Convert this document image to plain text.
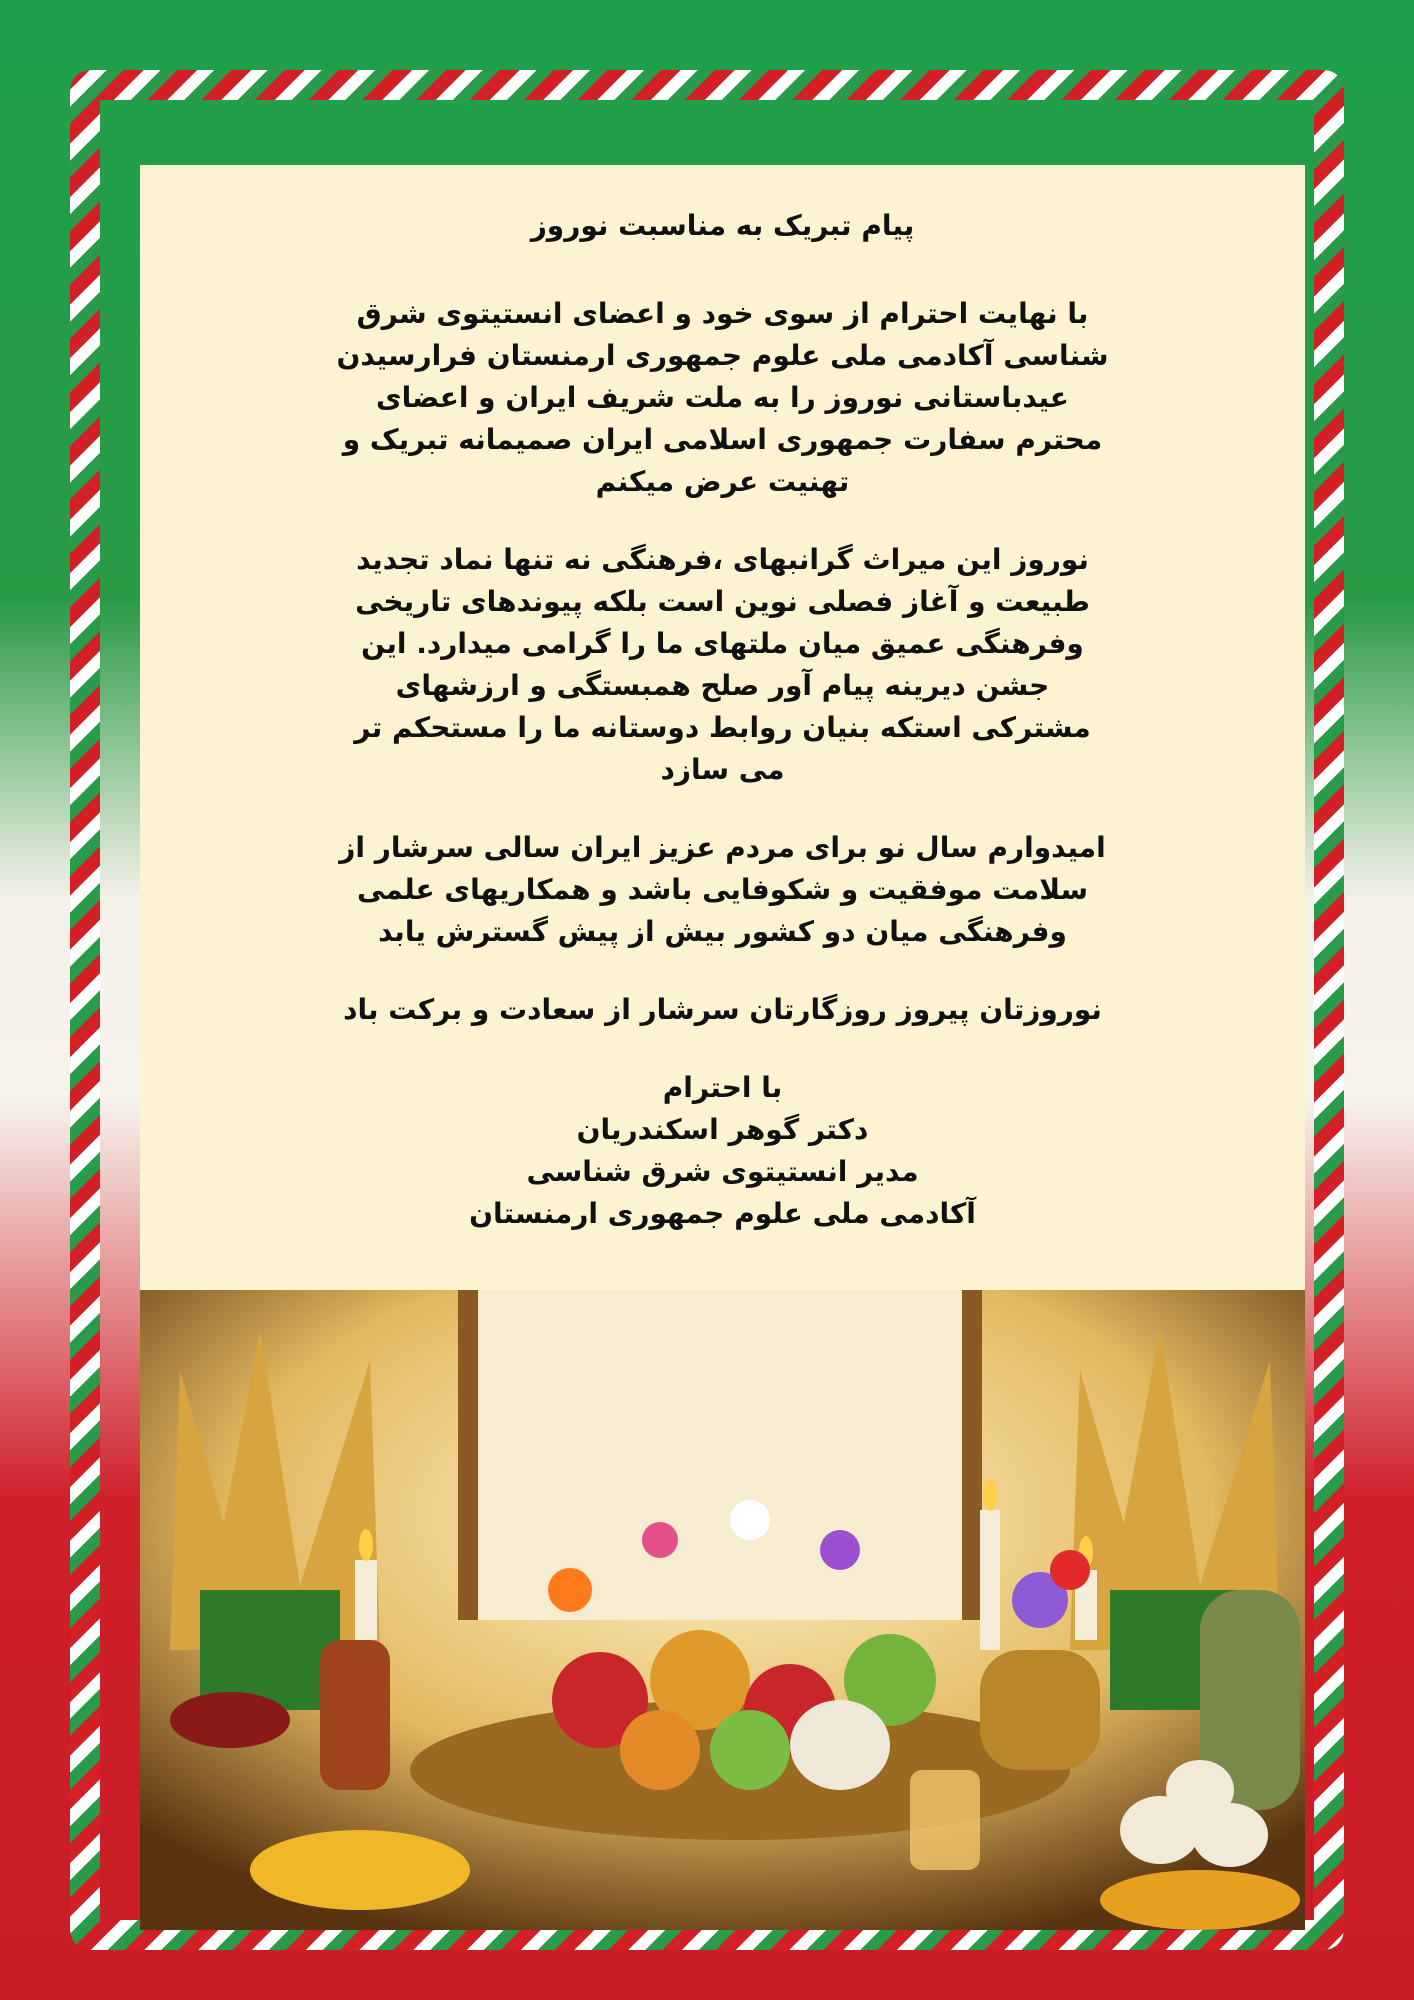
پیام تبریک به مناسبت نوروز

با نهایت احترام از سوی خود و اعضای انستیتوی شرق
شناسی آکادمی ملی علوم جمهوری ارمنستان فرارسیدن
عیدباستانی نوروز را به ملت شریف ایران و اعضای
محترم سفارت جمهوری اسلامی ایران صمیمانه تبریک و
تهنیت عرض میکنم

نوروز این میراث گرانبهای ،فرهنگی نه تنها نماد تجدید
طبیعت و آغاز فصلی نوین است بلکه پیوندهای تاریخی
وفرهنگی عمیق میان ملتهای ما را گرامی میدارد. این
جشن دیرینه پیام آور صلح همبستگی و ارزشهای
مشترکی استکه بنیان روابط دوستانه ما را مستحکم تر
می سازد

امیدوارم سال نو برای مردم عزیز ایران سالی سرشار از
سلامت موفقیت و شکوفایی باشد و همکاریهای علمی
وفرهنگی میان دو کشور بیش از پیش گسترش یابد

نوروزتان پیروز روزگارتان سرشار از سعادت و برکت باد

با احترام
دکتر گوهر اسکندریان
مدیر انستیتوی شرق شناسی
آکادمی ملی علوم جمهوری ارمنستان
